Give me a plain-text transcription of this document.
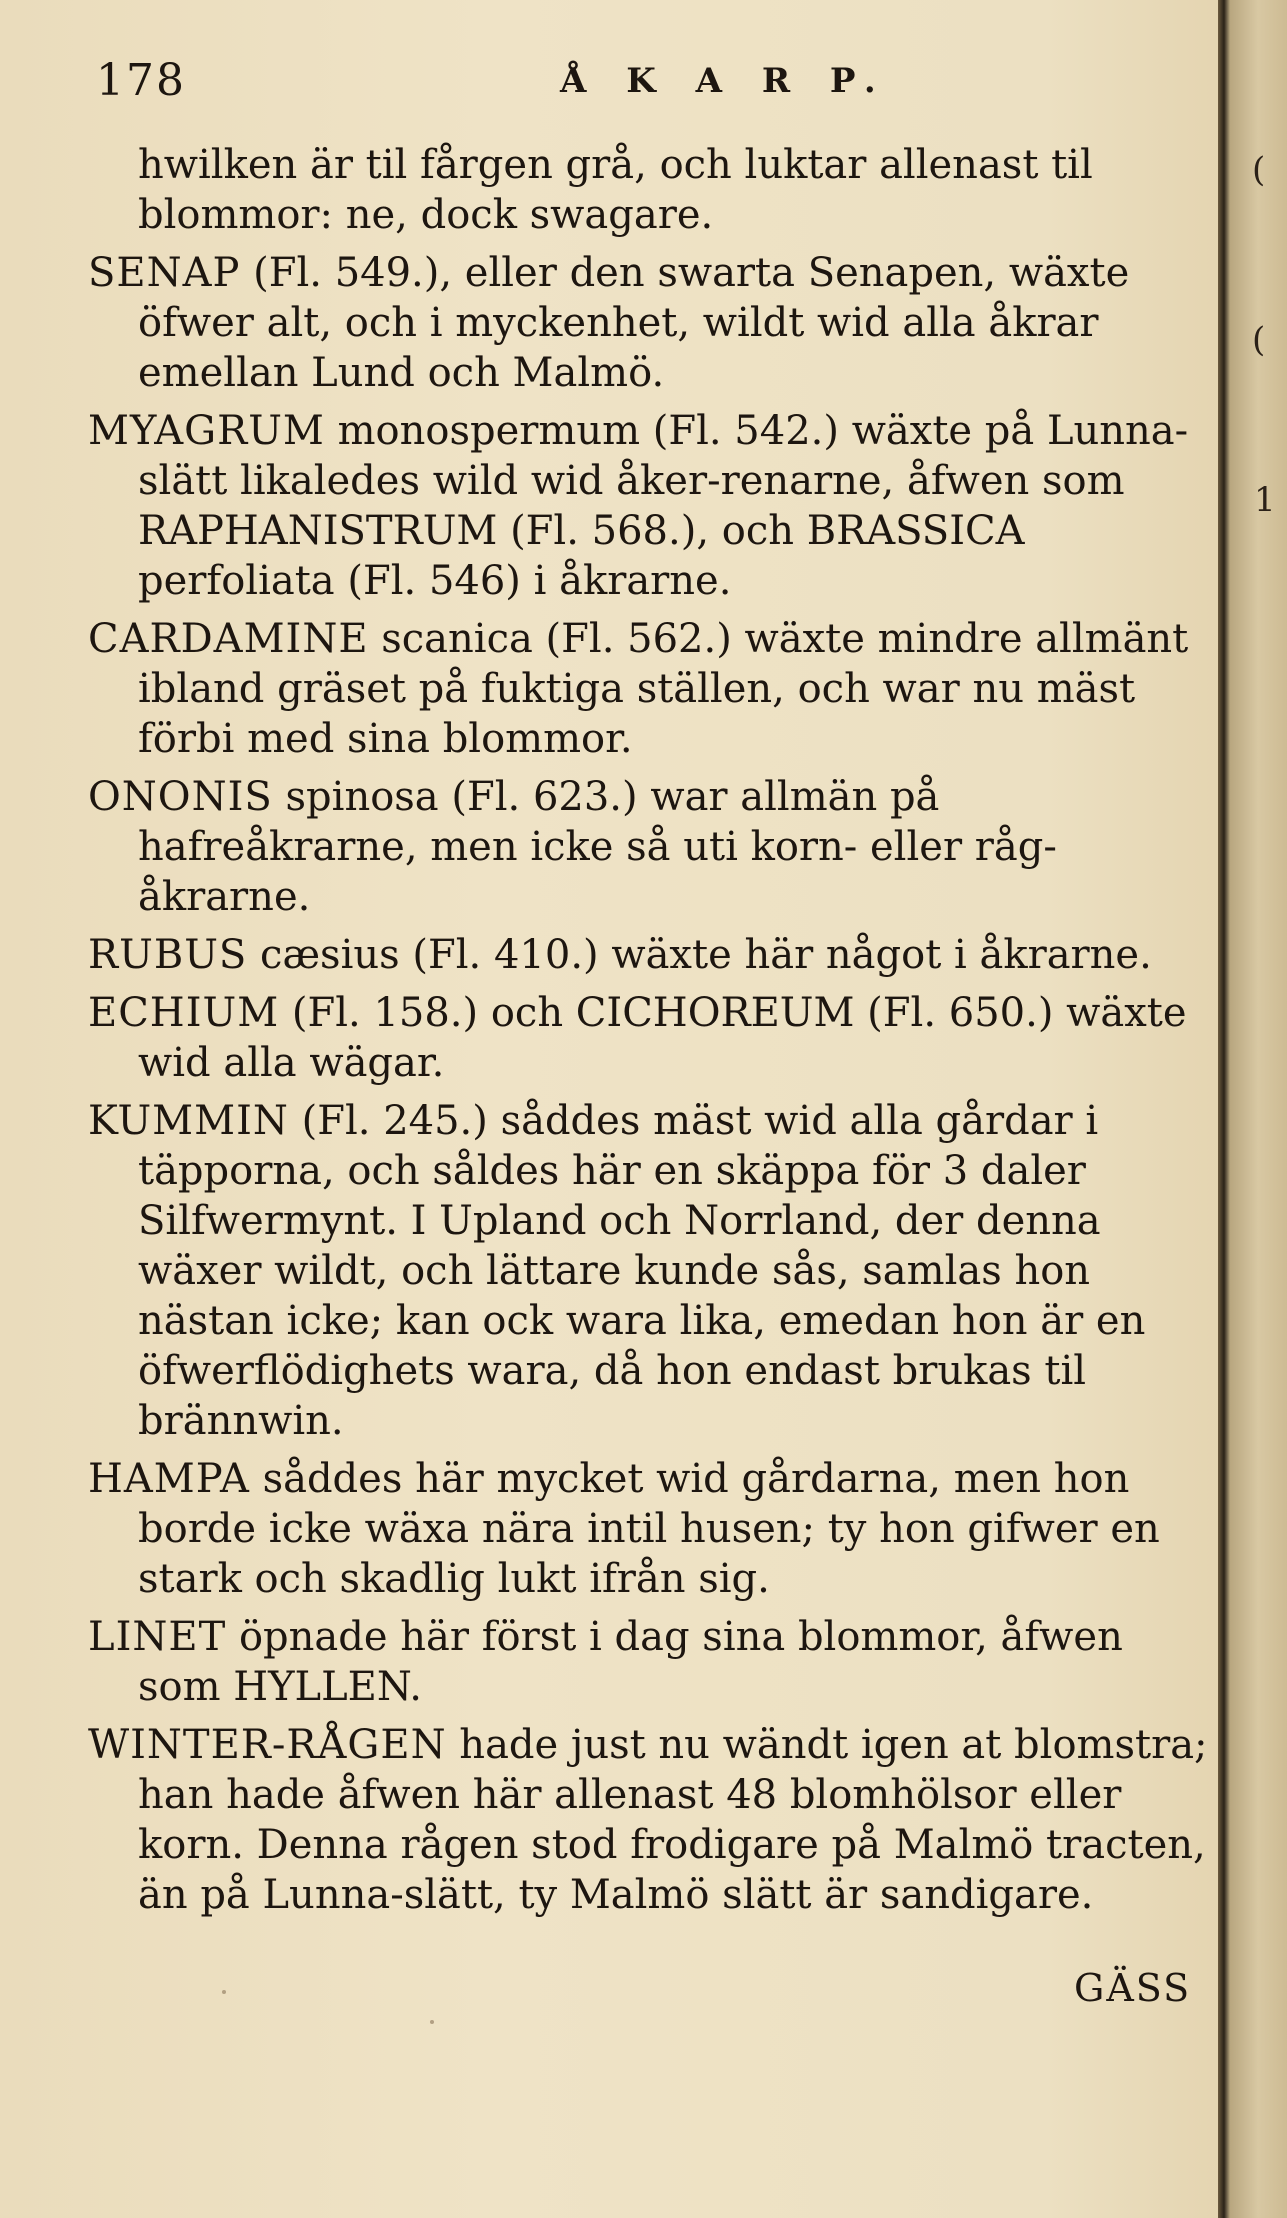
178	Å K A R P.

hwilken är til fårgen grå, och luktar allenast til blommor: ne, dock swagare.

SENAP (Fl. 549.), eller den swarta Senapen, wäxte öfwer alt, och i myckenhet, wildt wid alla åkrar emellan Lund och Malmö.

MYAGRUM monospermum (Fl. 542.) wäxte på Lunna-slätt likaledes wild wid åker-renarne, åfwen som RAPHANISTRUM (Fl. 568.), och BRASSICA perfoliata (Fl. 546) i åkrarne.

CARDAMINE scanica (Fl. 562.) wäxte mindre allmänt ibland gräset på fuktiga ställen, och war nu mäst förbi med sina blommor.

ONONIS spinosa (Fl. 623.) war allmän på hafreåkrarne, men icke så uti korn- eller råg-åkrarne.

RUBUS cæsius (Fl. 410.) wäxte här något i åkrarne.

ECHIUM (Fl. 158.) och CICHOREUM (Fl. 650.) wäxte wid alla wägar.

KUMMIN (Fl. 245.) såddes mäst wid alla gårdar i täpporna, och såldes här en skäppa för 3 daler Silfwermynt. I Upland och Norrland, der denna wäxer wildt, och lättare kunde sås, samlas hon nästan icke; kan ock wara lika, emedan hon är en öfwerflödighets wara, då hon endast brukas til brännwin.

HAMPA såddes här mycket wid gårdarna, men hon borde icke wäxa nära intil husen; ty hon gifwer en stark och skadlig lukt ifrån sig.

LINET öpnade här först i dag sina blommor, åfwen som HYLLEN.

WINTER-RÅGEN hade just nu wändt igen at blomstra; han hade åfwen här allenast 48 blomhölsor eller korn. Denna rågen stod frodigare på Malmö tracten, än på Lunna-slätt, ty Malmö slätt är sandigare.

GÄSS
(
(
1
